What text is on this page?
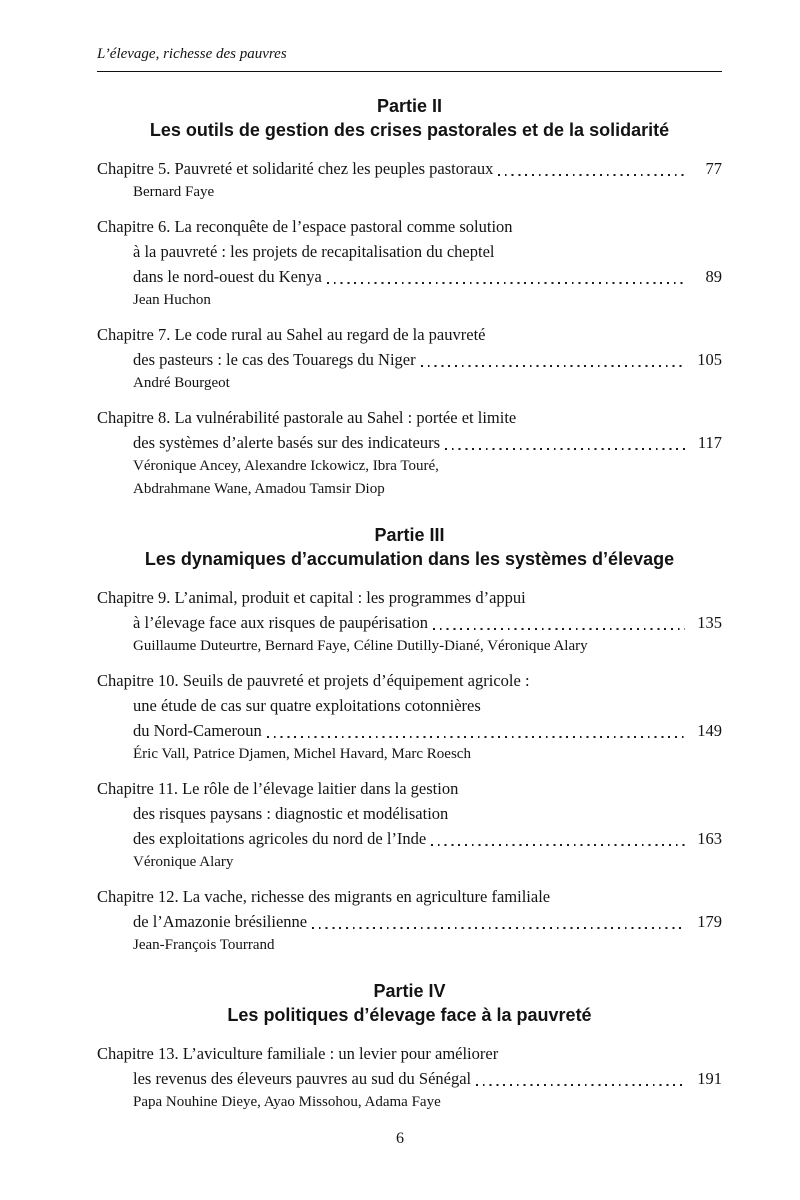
L’élevage, richesse des pauvres
Partie II
Les outils de gestion des crises pastorales et de la solidarité
Chapitre 5. Pauvreté et solidarité chez les peuples pastoraux	77
Bernard Faye
Chapitre 6. La reconquête de l’espace pastoral comme solution
à la pauvreté : les projets de recapitalisation du cheptel
dans le nord-ouest du Kenya	89
Jean Huchon
Chapitre 7. Le code rural au Sahel au regard de la pauvreté
des pasteurs : le cas des Touaregs du Niger	105
André Bourgeot
Chapitre 8. La vulnérabilité pastorale au Sahel : portée et limite
des systèmes d’alerte basés sur des indicateurs	117
Véronique Ancey, Alexandre Ickowicz, Ibra Touré,
Abdrahmane Wane, Amadou Tamsir Diop
Partie III
Les dynamiques d’accumulation dans les systèmes d’élevage
Chapitre 9. L’animal, produit et capital : les programmes d’appui
à l’élevage face aux risques de paupérisation	135
Guillaume Duteurtre, Bernard Faye, Céline Dutilly-Diané, Véronique Alary
Chapitre 10. Seuils de pauvreté et projets d’équipement agricole :
une étude de cas sur quatre exploitations cotonnières
du Nord-Cameroun	149
Éric Vall, Patrice Djamen, Michel Havard, Marc Roesch
Chapitre 11. Le rôle de l’élevage laitier dans la gestion
des risques paysans : diagnostic et modélisation
des exploitations agricoles du nord de l’Inde	163
Véronique Alary
Chapitre 12. La vache, richesse des migrants en agriculture familiale
de l’Amazonie brésilienne	179
Jean-François Tourrand
Partie IV
Les politiques d’élevage face à la pauvreté
Chapitre 13. L’aviculture familiale : un levier pour améliorer
les revenus des éleveurs pauvres au sud du Sénégal	191
Papa Nouhine Dieye, Ayao Missohou, Adama Faye
6
